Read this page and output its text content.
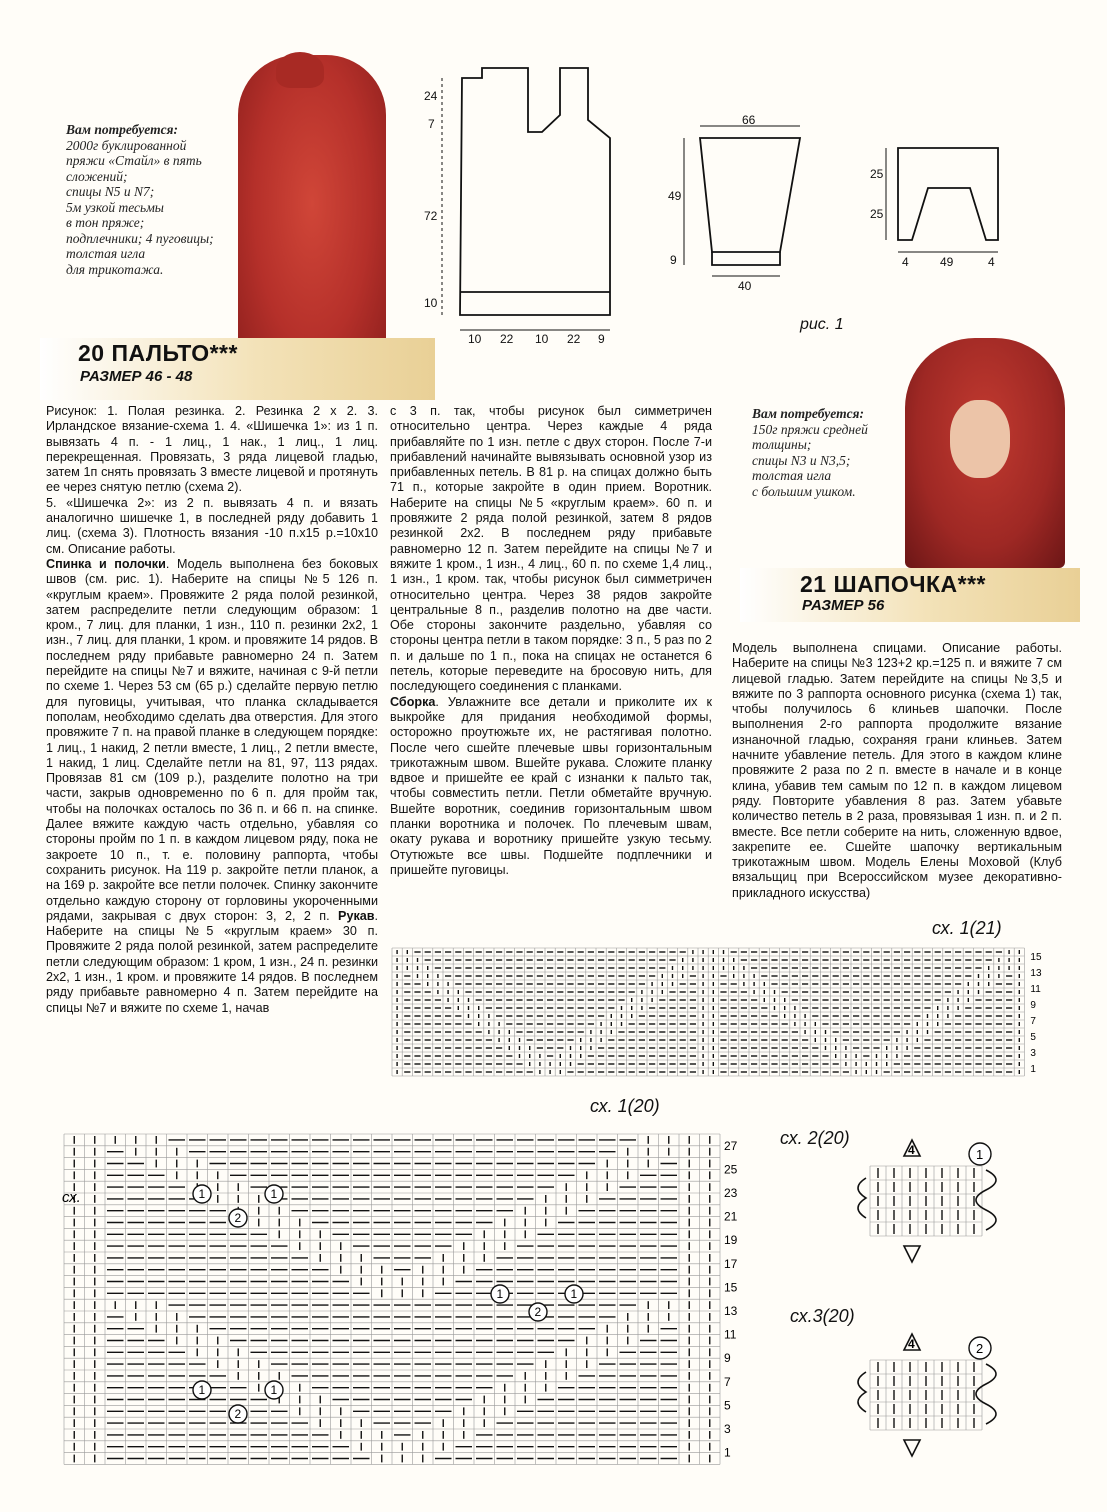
Вам потребуется:
2000г буклированной
пряжи «Стайл» в пять
сложений;
спицы N5 и N7;
5м узкой тесьмы
в тон пряже;
подплечники; 4 пуговицы;
толстая игла
для трикотажа.
20 ПАЛЬТО***
РАЗМЕР 46 - 48
24
7
72
10
10 22 10 22 9
66
49
9
40
25
25
4	49	4
рис. 1
Вам потребуется:
150г пряжи средней
толщины;
спицы N3 и N3,5;
толстая игла
с большим ушком.
21 ШАПОЧКА***
РАЗМЕР 56

Рисунок: 1. Полая резинка. 2. Резинка 2 х 2. 3. Ирландское вязание-схема 1. 4. «Шишечка 1»: из 1 п. вывязать 4 п. - 1 лиц., 1 нак., 1 лиц., 1 лиц. перекрещенная. Провязать, 3 ряда лицевой гладью, затем 1п снять провязать 3 вместе лицевой и протянуть ее через снятую петлю (схема 2).

5. «Шишечка 2»: из 2 п. вывязать 4 п. и вязать аналогично шишечке 1, в последней ряду добавить 1 лиц. (схема 3). Плотность вязания -10 п.х15 р.=10х10 см. Описание работы.

Спинка и полочки. Модель выполнена без боковых швов (см. рис. 1). Наберите на спицы №5 126 п. «круглым краем». Провяжите 2 ряда полой резинкой, затем распределите петли следующим образом: 1 кром., 7 лиц. для планки, 1 изн., 110 п. резинки 2х2, 1 изн., 7 лиц. для планки, 1 кром. и провяжите 14 рядов. В последнем ряду прибавьте равномерно 24 п. Затем перейдите на спицы №7 и вяжите, начиная с 9-й петли по схеме 1. Через 53 см (65 р.) сделайте первую петлю для пуговицы, учитывая, что планка складывается пополам, необходимо сделать два отверстия. Для этого провяжите 7 п. на правой планке в следующем порядке: 1 лиц., 1 накид, 2 петли вместе, 1 лиц., 2 петли вместе, 1 накид, 1 лиц. Сделайте петли на 81, 97, 113 рядах. Провязав 81 см (109 р.), разделите полотно на три части, закрыв одновременно по 6 п. для пройм так, чтобы на полочках осталось по 36 п. и 66 п. на спинке. Далее вяжите каждую часть отдельно, убавляя со стороны пройм по 1 п. в каждом лицевом ряду, пока не закроете 10 п., т. е. половину раппорта, чтобы сохранить рисунок. На 119 р. закройте петли планок, а на 169 р. закройте все петли полочек. Спинку закончите отдельно каждую сторону от горловины укороченными рядами, закрывая с двух сторон: 3, 2, 2 п. Рукав. Наберите на спицы №5 «круглым краем» 30 п. Провяжите 2 ряда полой резинкой, затем распределите петли следующим образом: 1 кром, 1 изн., 24 п. резинки 2х2, 1 изн., 1 кром. и провяжите 14 рядов. В последнем ряду прибавьте равномерно 4 п. Затем перейдите на спицы №7 и вяжите по схеме 1, начав

с 3 п. так, чтобы рисунок был симметричен относительно центра. Через каждые 4 ряда прибавляйте по 1 изн. петле с двух сторон. После 7-и прибавлений начинайте вывязывать основной узор из прибавленных петель. В 81 р. на спицах должно быть 71 п., которые закройте в один прием. Воротник. Наберите на спицы №5 «круглым краем». 60 п. и провяжите 2 ряда полой резинкой, затем 8 рядов резинкой 2х2. В последнем ряду прибавьте равномерно 12 п. Затем перейдите на спицы №7 и вяжите 1 кром., 1 изн., 4 лиц., 60 п. по схеме 1,4 лиц., 1 изн., 1 кром. так, чтобы рисунок был симметричен относительно центра. Через 38 рядов закройте центральные 8 п., разделив полотно на две части. Обе стороны закончите раздельно, убавляя со стороны центра петли в таком порядке: 3 п., 5 раз по 2 п. и дальше по 1 п., пока на спицах не останется 6 петель, которые переведите на бросовую нить, для последующего соединения с планками.

Сборка. Увлажните все детали и приколите их к выкройке для придания необходимой формы, осторожно проутюжьте их, не растягивая полотно. После чего сшейте плечевые швы горизонтальным трикотажным швом. Вшейте рукава. Сложите планку вдвое и пришейте ее край с изнанки к пальто так, чтобы совместить петли. Петли обметайте вручную. Вшейте воротник, соединив горизонтальным швом планки воротника и полочек. По плечевым швам, окату рукава и воротнику пришейте узкую тесьму. Отутюжьте все швы. Подшейте подплечники и пришейте пуговицы.

Модель выполнена спицами. Описание работы. Наберите на спицы №3 123+2 кр.=125 п. и вяжите 7 см лицевой гладью. Затем перейдите на спицы №3,5 и вяжите по 3 раппорта основного рисунка (схема 1) так, чтобы получилось 6 клиньев шапочки. После выполнения 2-го раппорта продолжите вязание изнаночной гладью, сохраняя грани клиньев. Затем начните убавление петель. Для этого в каждом клине провяжите 2 раза по 2 п. вместе в начале и в конце клина, убавив тем самым по 12 п. в каждом лицевом ряду. Повторите убавления 8 раз. Затем убавьте количество петель в 2 раза, провязывая 1 изн. п. и 2 п. вместе. Все петли соберите на нить, сложенную вдвое, закрепите ее. Сшейте шапочку вертикальным трикотажным швом. Модель Елены Моховой (Клуб вязальщиц при Всероссийском музее декоративно-прикладного искусства)

сх. 1(21)
15
13
11
9
7
5
3
1
сх. 1(20)
27
25
23
21
19
17
15
13
11
9
7
5
3
1
сх.	1	1
2
1
2
1
1	1
2
сх. 2(20)
1
4
сх.3(20)
2
4
